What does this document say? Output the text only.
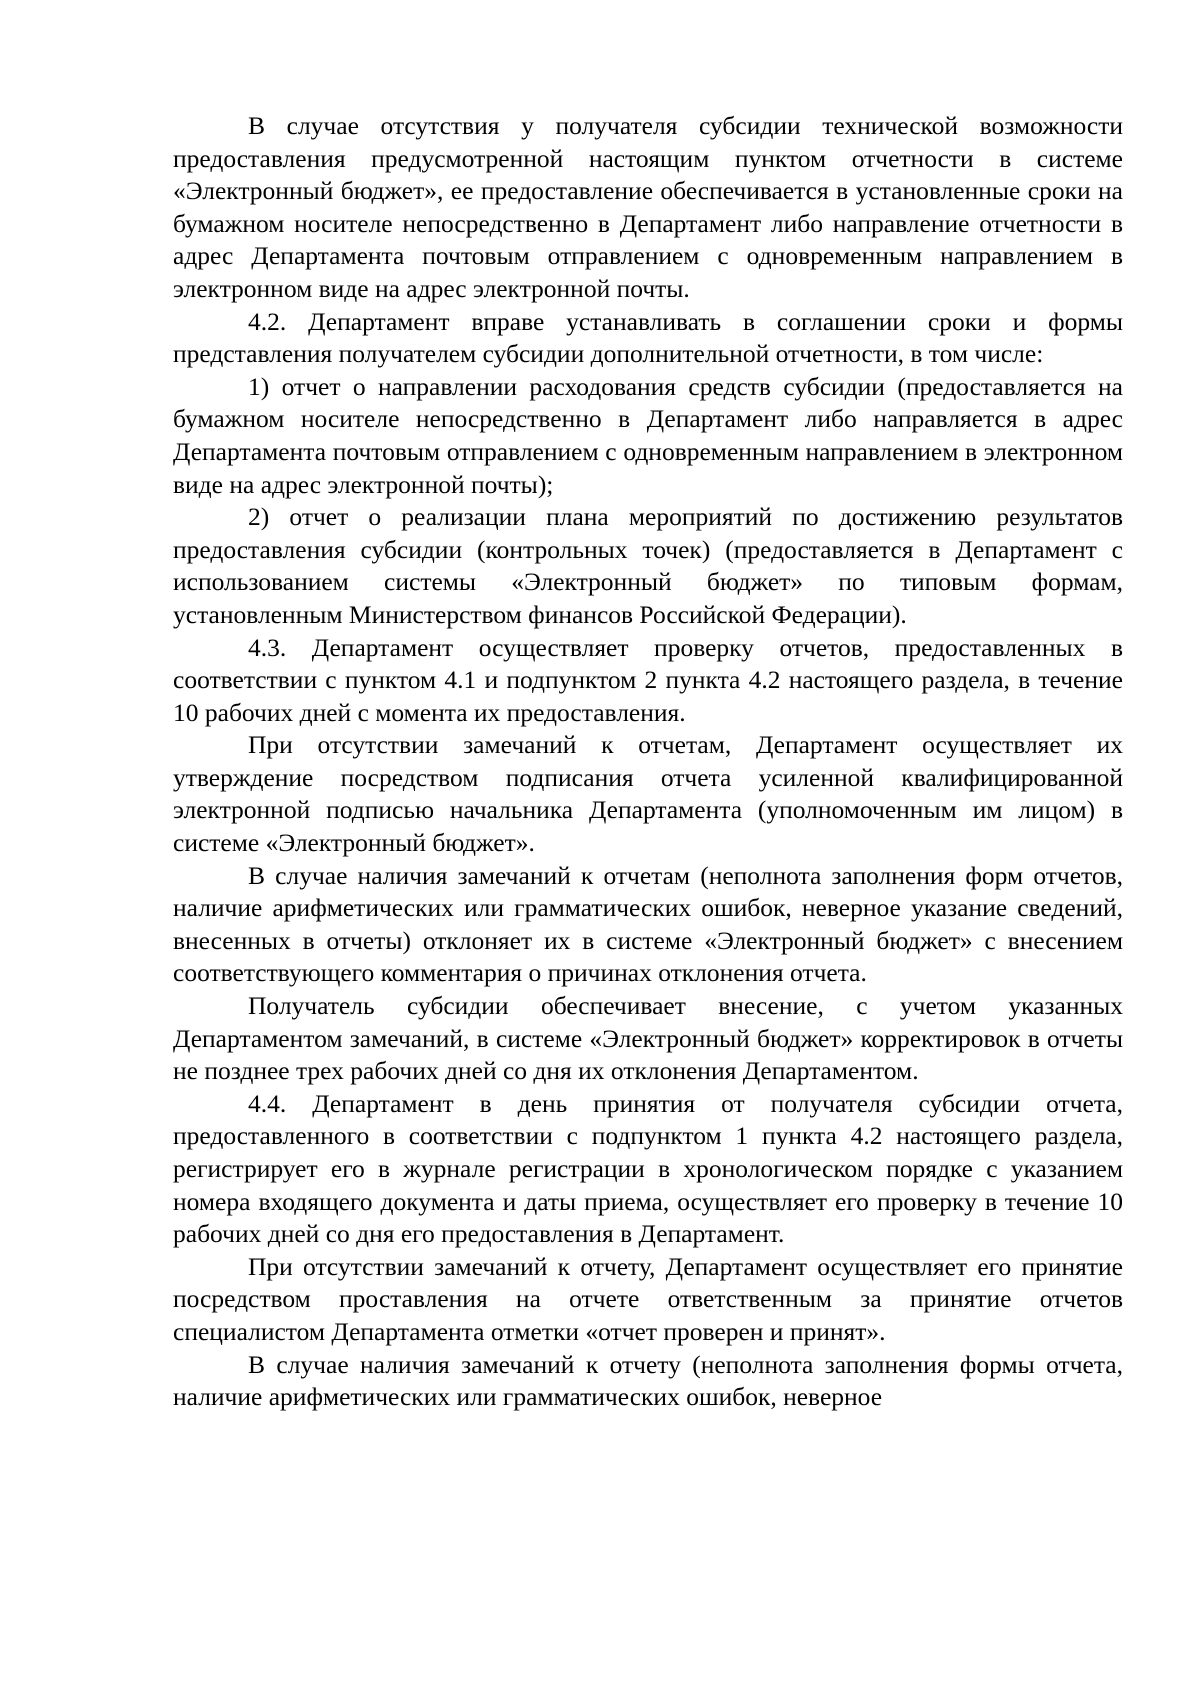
В случае отсутствия у получателя субсидии технической возможности предоставления предусмотренной настоящим пунктом отчетности в системе «Электронный бюджет», ее предоставление обеспечивается в установленные сроки на бумажном носителе непосредственно в Департамент либо направление отчетности в адрес Департамента почтовым отправлением с одновременным направлением в электронном виде на адрес электронной почты.

4.2. Департамент вправе устанавливать в соглашении сроки и формы представления получателем субсидии дополнительной отчетности, в том числе:

1) отчет о направлении расходования средств субсидии (предоставляется на бумажном носителе непосредственно в Департамент либо направляется в адрес Департамента почтовым отправлением с одновременным направлением в электронном виде на адрес электронной почты);

2) отчет о реализации плана мероприятий по достижению результатов предоставления субсидии (контрольных точек) (предоставляется в Департамент с использованием системы «Электронный бюджет» по типовым формам, установленным Министерством финансов Российской Федерации).

4.3. Департамент осуществляет проверку отчетов, предоставленных в соответствии с пунктом 4.1 и подпунктом 2 пункта 4.2 настоящего раздела, в течение 10 рабочих дней с момента их предоставления.

При отсутствии замечаний к отчетам, Департамент осуществляет их утверждение посредством подписания отчета усиленной квалифицированной электронной подписью начальника Департамента (уполномоченным им лицом) в системе «Электронный бюджет».

В случае наличия замечаний к отчетам (неполнота заполнения форм отчетов, наличие арифметических или грамматических ошибок, неверное указание сведений, внесенных в отчеты) отклоняет их в системе «Электронный бюджет» с внесением соответствующего комментария о причинах отклонения отчета.

Получатель субсидии обеспечивает внесение, с учетом указанных Департаментом замечаний, в системе «Электронный бюджет» корректировок в отчеты не позднее трех рабочих дней со дня их отклонения Департаментом.

4.4. Департамент в день принятия от получателя субсидии отчета, предоставленного в соответствии с подпунктом 1 пункта 4.2 настоящего раздела, регистрирует его в журнале регистрации в хронологическом порядке с указанием номера входящего документа и даты приема, осуществляет его проверку в течение 10 рабочих дней со дня его предоставления в Департамент.

При отсутствии замечаний к отчету, Департамент осуществляет его принятие посредством проставления на отчете ответственным за принятие отчетов специалистом Департамента отметки «отчет проверен и принят».

В случае наличия замечаний к отчету (неполнота заполнения формы отчета, наличие арифметических или грамматических ошибок, неверное
